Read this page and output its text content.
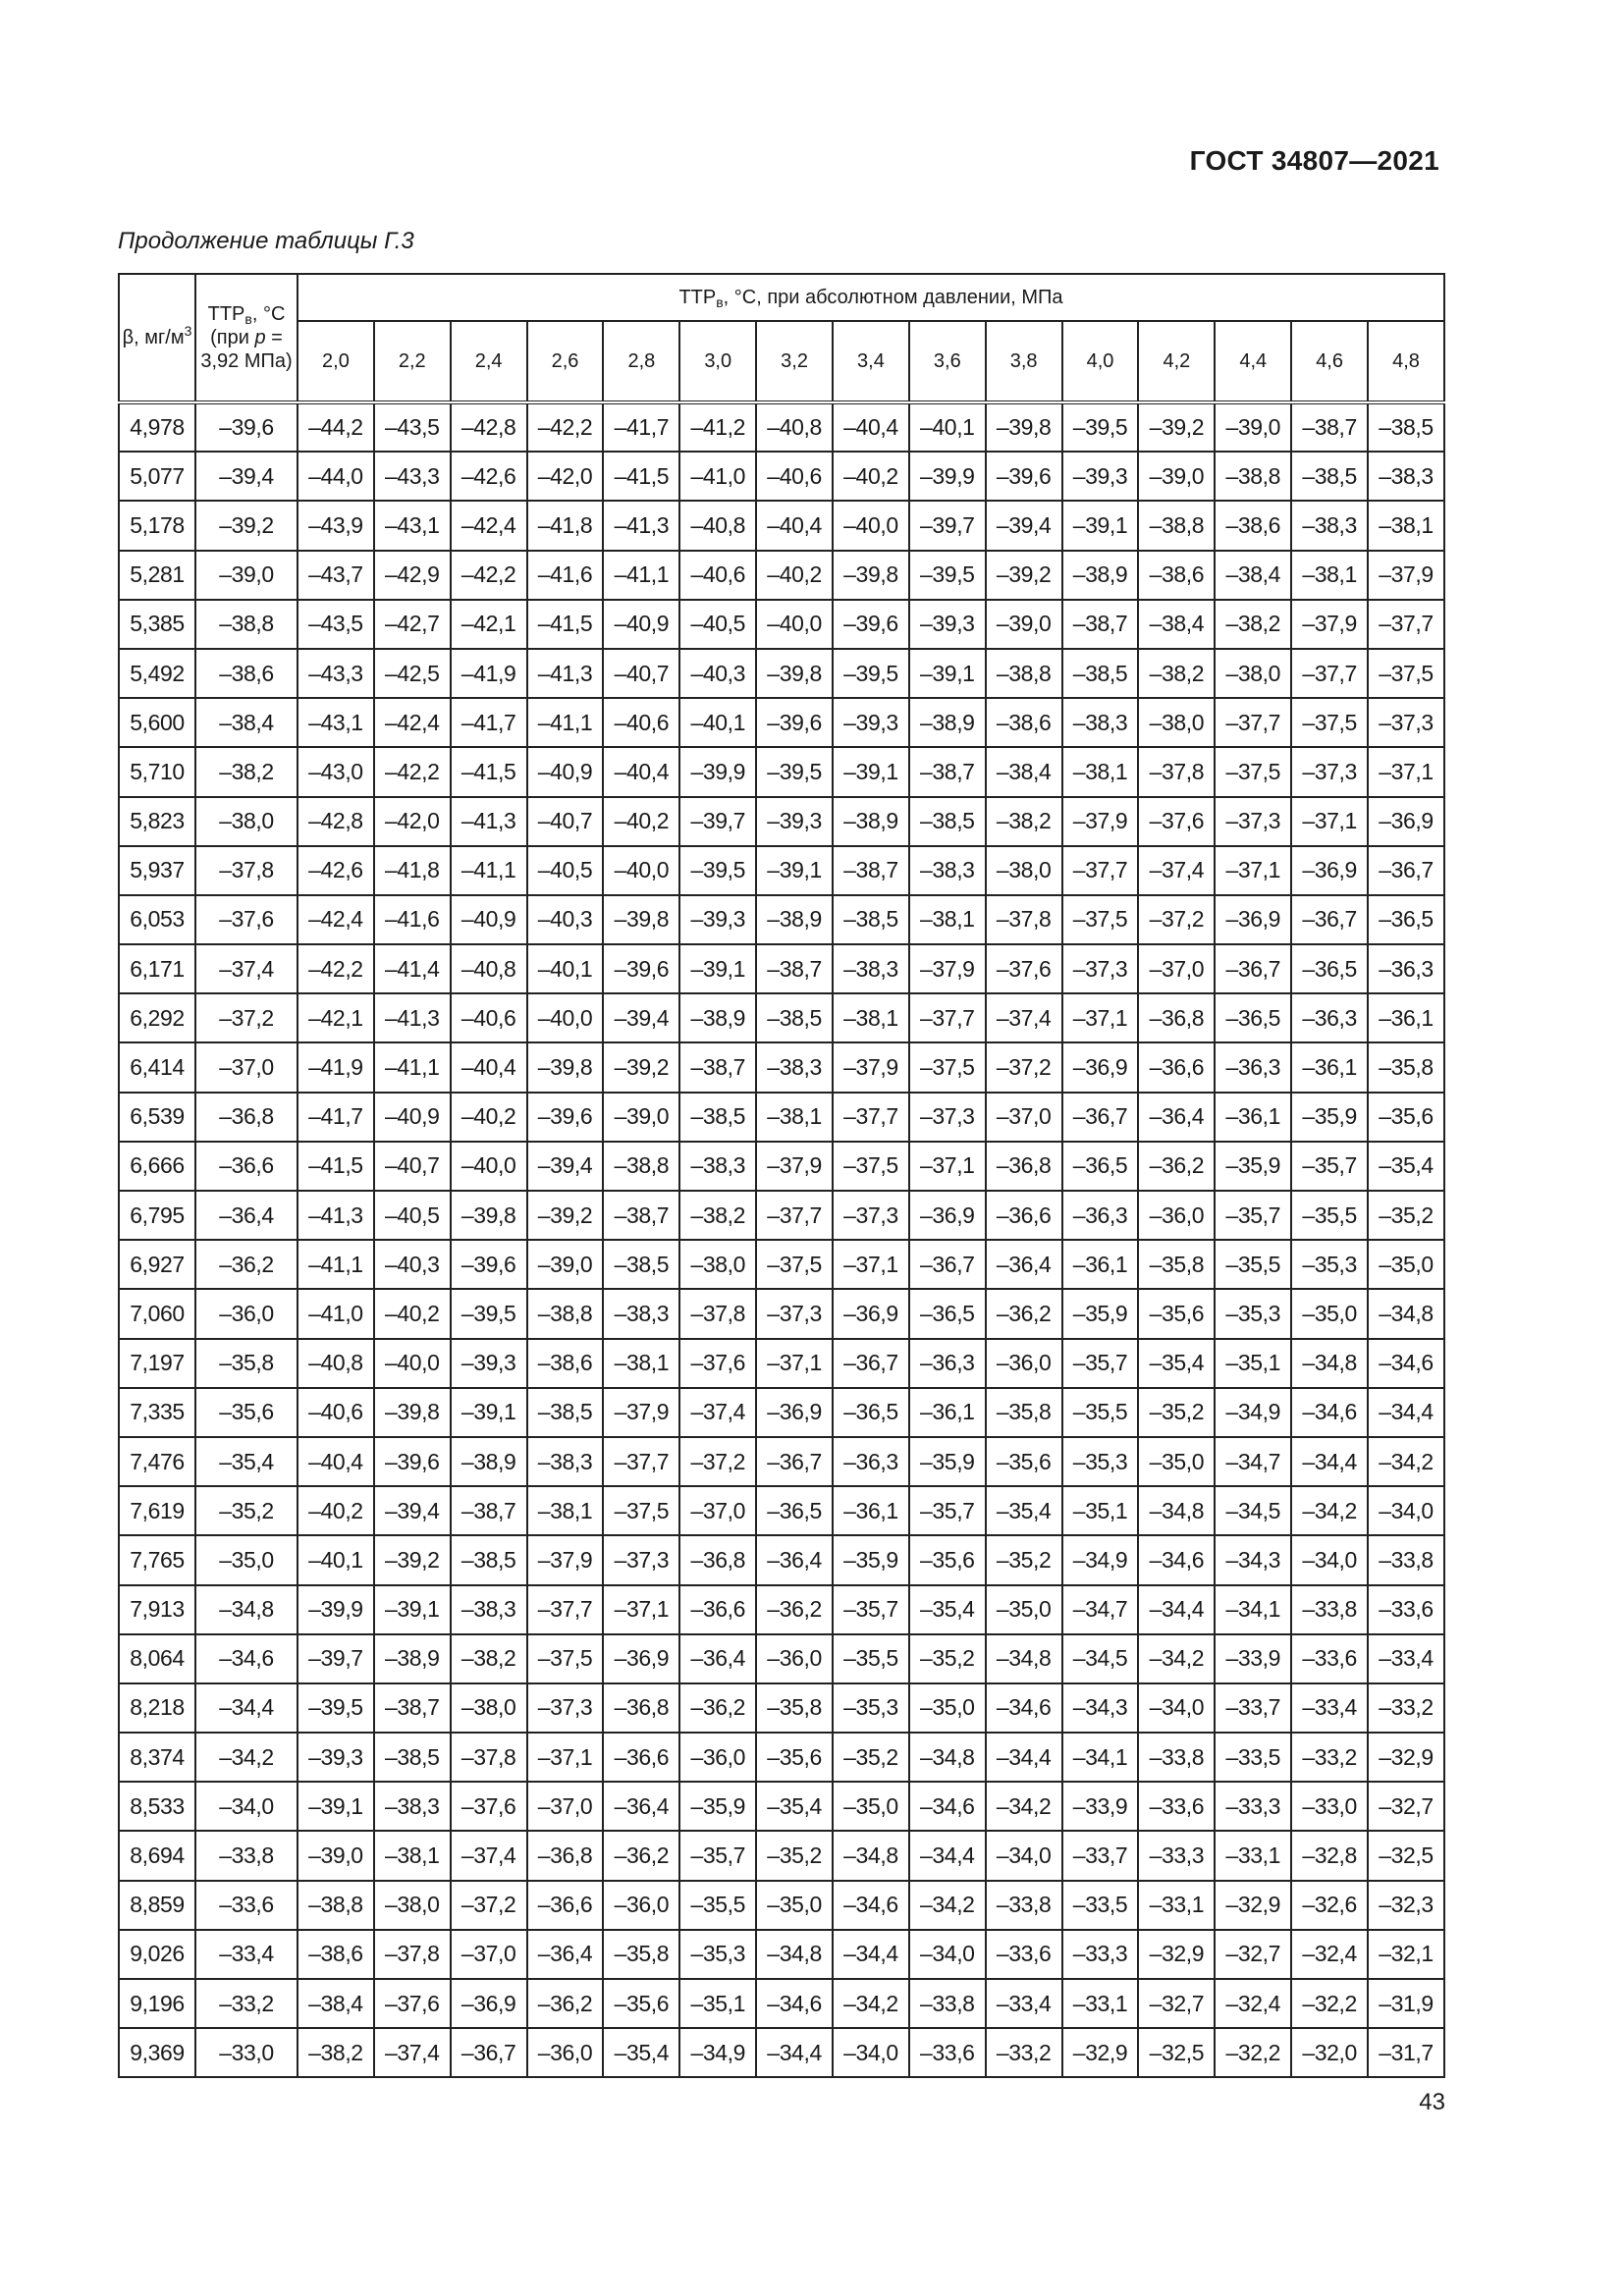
ГОСТ 34807—2021
Продолжение таблицы Г.3
β, $мг/м^3$	$ТТР_в$, °С (при р = 3,92 МПа)	$ТТР_в$, °С, при абсолютном давлении, МПа														
		2,0	2,2	2,4	2,6	2,8	3,0	3,2	3,4	3,6	3,8	4,0	4,2	4,4	4,6	4,8
4,978	–39,6	–44,2	–43,5	–42,8	–42,2	–41,7	–41,2	–40,8	–40,4	–40,1	–39,8	–39,5	–39,2	–39,0	–38,7	–38,5
5,077	–39,4	–44,0	–43,3	–42,6	–42,0	–41,5	–41,0	–40,6	–40,2	–39,9	–39,6	–39,3	–39,0	–38,8	–38,5	–38,3
5,178	–39,2	–43,9	–43,1	–42,4	–41,8	–41,3	–40,8	–40,4	–40,0	–39,7	–39,4	–39,1	–38,8	–38,6	–38,3	–38,1
5,281	–39,0	–43,7	–42,9	–42,2	–41,6	–41,1	–40,6	–40,2	–39,8	–39,5	–39,2	–38,9	–38,6	–38,4	–38,1	–37,9
5,385	–38,8	–43,5	–42,7	–42,1	–41,5	–40,9	–40,5	–40,0	–39,6	–39,3	–39,0	–38,7	–38,4	–38,2	–37,9	–37,7
5,492	–38,6	–43,3	–42,5	–41,9	–41,3	–40,7	–40,3	–39,8	–39,5	–39,1	–38,8	–38,5	–38,2	–38,0	–37,7	–37,5
5,600	–38,4	–43,1	–42,4	–41,7	–41,1	–40,6	–40,1	–39,6	–39,3	–38,9	–38,6	–38,3	–38,0	–37,7	–37,5	–37,3
5,710	–38,2	–43,0	–42,2	–41,5	–40,9	–40,4	–39,9	–39,5	–39,1	–38,7	–38,4	–38,1	–37,8	–37,5	–37,3	–37,1
5,823	–38,0	–42,8	–42,0	–41,3	–40,7	–40,2	–39,7	–39,3	–38,9	–38,5	–38,2	–37,9	–37,6	–37,3	–37,1	–36,9
5,937	–37,8	–42,6	–41,8	–41,1	–40,5	–40,0	–39,5	–39,1	–38,7	–38,3	–38,0	–37,7	–37,4	–37,1	–36,9	–36,7
6,053	–37,6	–42,4	–41,6	–40,9	–40,3	–39,8	–39,3	–38,9	–38,5	–38,1	–37,8	–37,5	–37,2	–36,9	–36,7	–36,5
6,171	–37,4	–42,2	–41,4	–40,8	–40,1	–39,6	–39,1	–38,7	–38,3	–37,9	–37,6	–37,3	–37,0	–36,7	–36,5	–36,3
6,292	–37,2	–42,1	–41,3	–40,6	–40,0	–39,4	–38,9	–38,5	–38,1	–37,7	–37,4	–37,1	–36,8	–36,5	–36,3	–36,1
6,414	–37,0	–41,9	–41,1	–40,4	–39,8	–39,2	–38,7	–38,3	–37,9	–37,5	–37,2	–36,9	–36,6	–36,3	–36,1	–35,8
6,539	–36,8	–41,7	–40,9	–40,2	–39,6	–39,0	–38,5	–38,1	–37,7	–37,3	–37,0	–36,7	–36,4	–36,1	–35,9	–35,6
6,666	–36,6	–41,5	–40,7	–40,0	–39,4	–38,8	–38,3	–37,9	–37,5	–37,1	–36,8	–36,5	–36,2	–35,9	–35,7	–35,4
6,795	–36,4	–41,3	–40,5	–39,8	–39,2	–38,7	–38,2	–37,7	–37,3	–36,9	–36,6	–36,3	–36,0	–35,7	–35,5	–35,2
6,927	–36,2	–41,1	–40,3	–39,6	–39,0	–38,5	–38,0	–37,5	–37,1	–36,7	–36,4	–36,1	–35,8	–35,5	–35,3	–35,0
7,060	–36,0	–41,0	–40,2	–39,5	–38,8	–38,3	–37,8	–37,3	–36,9	–36,5	–36,2	–35,9	–35,6	–35,3	–35,0	–34,8
7,197	–35,8	–40,8	–40,0	–39,3	–38,6	–38,1	–37,6	–37,1	–36,7	–36,3	–36,0	–35,7	–35,4	–35,1	–34,8	–34,6
7,335	–35,6	–40,6	–39,8	–39,1	–38,5	–37,9	–37,4	–36,9	–36,5	–36,1	–35,8	–35,5	–35,2	–34,9	–34,6	–34,4
7,476	–35,4	–40,4	–39,6	–38,9	–38,3	–37,7	–37,2	–36,7	–36,3	–35,9	–35,6	–35,3	–35,0	–34,7	–34,4	–34,2
7,619	–35,2	–40,2	–39,4	–38,7	–38,1	–37,5	–37,0	–36,5	–36,1	–35,7	–35,4	–35,1	–34,8	–34,5	–34,2	–34,0
7,765	–35,0	–40,1	–39,2	–38,5	–37,9	–37,3	–36,8	–36,4	–35,9	–35,6	–35,2	–34,9	–34,6	–34,3	–34,0	–33,8
7,913	–34,8	–39,9	–39,1	–38,3	–37,7	–37,1	–36,6	–36,2	–35,7	–35,4	–35,0	–34,7	–34,4	–34,1	–33,8	–33,6
8,064	–34,6	–39,7	–38,9	–38,2	–37,5	–36,9	–36,4	–36,0	–35,5	–35,2	–34,8	–34,5	–34,2	–33,9	–33,6	–33,4
8,218	–34,4	–39,5	–38,7	–38,0	–37,3	–36,8	–36,2	–35,8	–35,3	–35,0	–34,6	–34,3	–34,0	–33,7	–33,4	–33,2
8,374	–34,2	–39,3	–38,5	–37,8	–37,1	–36,6	–36,0	–35,6	–35,2	–34,8	–34,4	–34,1	–33,8	–33,5	–33,2	–32,9
8,533	–34,0	–39,1	–38,3	–37,6	–37,0	–36,4	–35,9	–35,4	–35,0	–34,6	–34,2	–33,9	–33,6	–33,3	–33,0	–32,7
8,694	–33,8	–39,0	–38,1	–37,4	–36,8	–36,2	–35,7	–35,2	–34,8	–34,4	–34,0	–33,7	–33,3	–33,1	–32,8	–32,5
8,859	–33,6	–38,8	–38,0	–37,2	–36,6	–36,0	–35,5	–35,0	–34,6	–34,2	–33,8	–33,5	–33,1	–32,9	–32,6	–32,3
9,026	–33,4	–38,6	–37,8	–37,0	–36,4	–35,8	–35,3	–34,8	–34,4	–34,0	–33,6	–33,3	–32,9	–32,7	–32,4	–32,1
9,196	–33,2	–38,4	–37,6	–36,9	–36,2	–35,6	–35,1	–34,6	–34,2	–33,8	–33,4	–33,1	–32,7	–32,4	–32,2	–31,9
9,369	–33,0	–38,2	–37,4	–36,7	–36,0	–35,4	–34,9	–34,4	–34,0	–33,6	–33,2	–32,9	–32,5	–32,2	–32,0	–31,7
43
